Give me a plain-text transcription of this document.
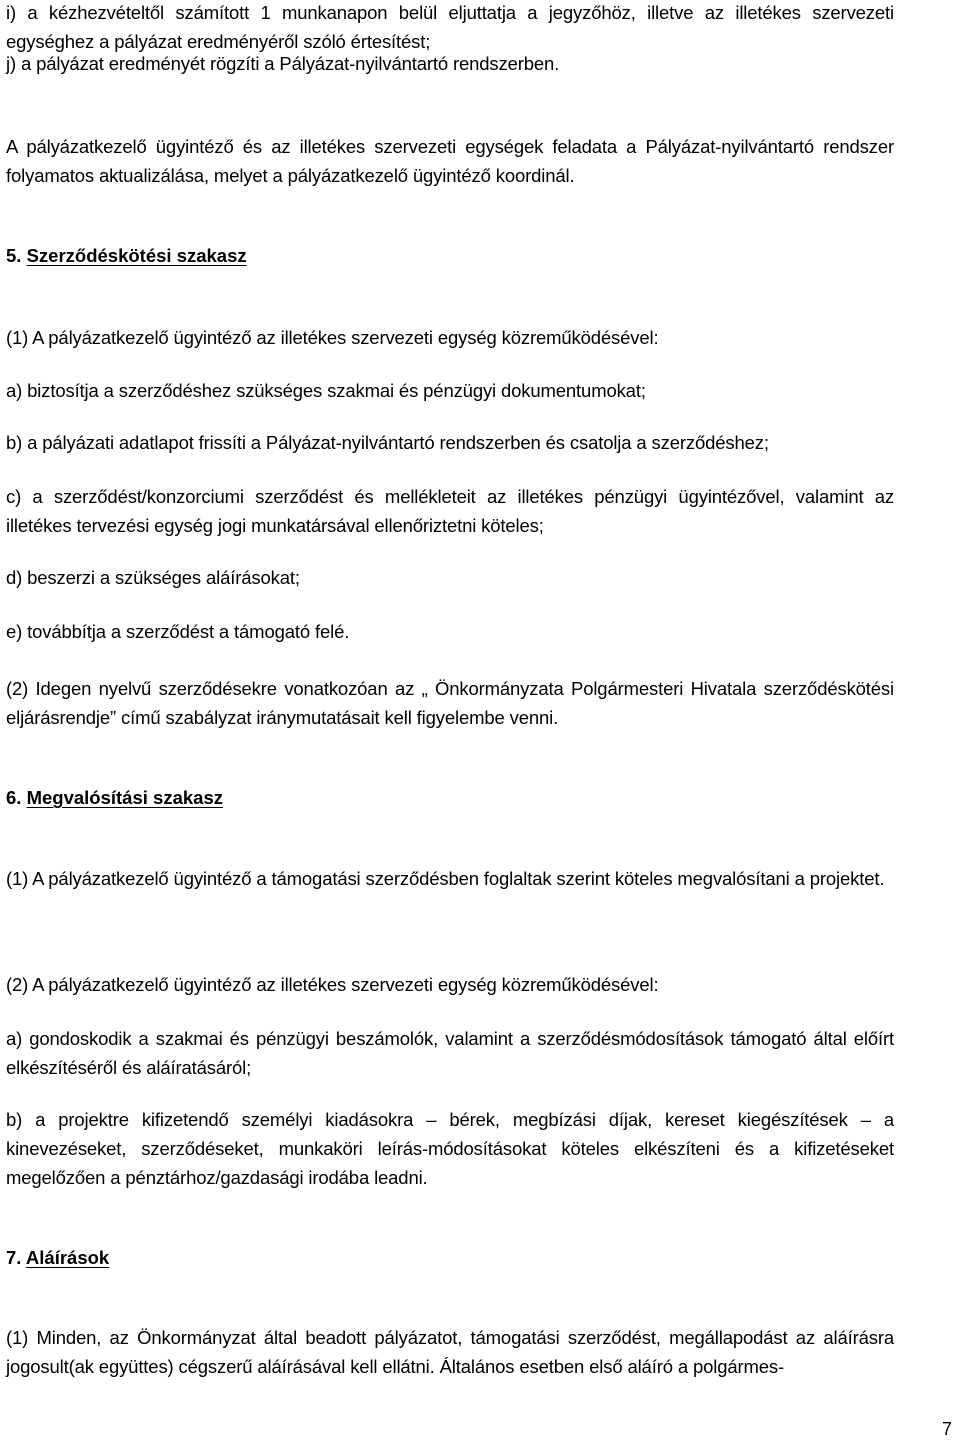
i) a kézhezvételtől számított 1 munkanapon belül eljuttatja a jegyzőhöz, illetve az illetékes szervezeti egységhez a pályázat eredményéről szóló értesítést;

j) a pályázat eredményét rögzíti a Pályázat-nyilvántartó rendszerben.

A pályázatkezelő ügyintéző és az illetékes szervezeti egységek feladata a Pályázat-nyilvántartó rendszer folyamatos aktualizálása, melyet a pályázatkezelő ügyintéző koordinál.

5. Szerződéskötési szakasz

(1) A pályázatkezelő ügyintéző az illetékes szervezeti egység közreműködésével:

a) biztosítja a szerződéshez szükséges szakmai és pénzügyi dokumentumokat;

b) a pályázati adatlapot frissíti a Pályázat-nyilvántartó rendszerben és csatolja a szerződéshez;

c) a szerződést/konzorciumi szerződést és mellékleteit az illetékes pénzügyi ügyintézővel, valamint az illetékes tervezési egység jogi munkatársával ellenőriztetni köteles;

d) beszerzi a szükséges aláírásokat;

e) továbbítja a szerződést a támogató felé.

(2) Idegen nyelvű szerződésekre vonatkozóan az „ Önkormányzata Polgármesteri Hivatala szerződéskötési eljárásrendje” című szabályzat iránymutatásait kell figyelembe venni.

6. Megvalósítási szakasz

(1) A pályázatkezelő ügyintéző a támogatási szerződésben foglaltak szerint köteles megvalósítani a projektet.

(2) A pályázatkezelő ügyintéző az illetékes szervezeti egység közreműködésével:

a) gondoskodik a szakmai és pénzügyi beszámolók, valamint a szerződésmódosítások támogató által előírt elkészítéséről és aláíratásáról;

b) a projektre kifizetendő személyi kiadásokra – bérek, megbízási díjak, kereset kiegészítések – a kinevezéseket, szerződéseket, munkaköri leírás-módosításokat köteles elkészíteni és a kifizetéseket megelőzően a pénztárhoz/gazdasági irodába leadni.

7. Aláírások

(1) Minden, az Önkormányzat által beadott pályázatot, támogatási szerződést, megállapodást az aláírásra jogosult(ak együttes) cégszerű aláírásával kell ellátni. Általános esetben első aláíró a polgármes-

7
